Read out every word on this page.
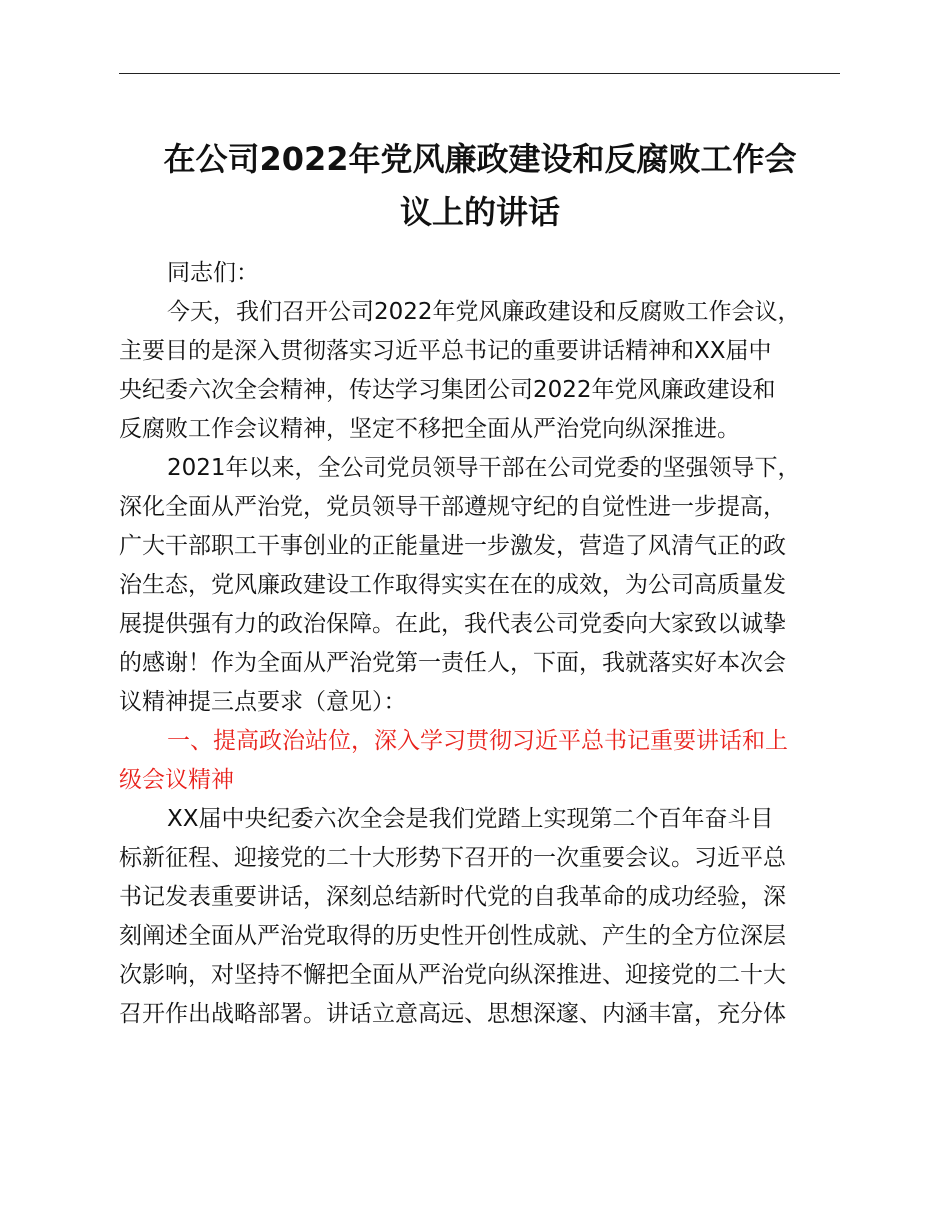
在公司2022年党风廉政建设和反腐败工作会
议上的讲话
同志们：
今天，我们召开公司2022年党风廉政建设和反腐败工作会议，
主要目的是深入贯彻落实习近平总书记的重要讲话精神和XX届中
央纪委六次全会精神，传达学习集团公司2022年党风廉政建设和
反腐败工作会议精神，坚定不移把全面从严治党向纵深推进。
2021年以来，全公司党员领导干部在公司党委的坚强领导下，
深化全面从严治党，党员领导干部遵规守纪的自觉性进一步提高，
广大干部职工干事创业的正能量进一步激发，营造了风清气正的政
治生态，党风廉政建设工作取得实实在在的成效，为公司高质量发
展提供强有力的政治保障。在此，我代表公司党委向大家致以诚挚
的感谢！作为全面从严治党第一责任人，下面，我就落实好本次会
议精神提三点要求（意见）：
一、提高政治站位，深入学习贯彻习近平总书记重要讲话和上
级会议精神
XX届中央纪委六次全会是我们党踏上实现第二个百年奋斗目
标新征程、迎接党的二十大形势下召开的一次重要会议。习近平总
书记发表重要讲话，深刻总结新时代党的自我革命的成功经验，深
刻阐述全面从严治党取得的历史性开创性成就、产生的全方位深层
次影响，对坚持不懈把全面从严治党向纵深推进、迎接党的二十大
召开作出战略部署。讲话立意高远、思想深邃、内涵丰富，充分体
